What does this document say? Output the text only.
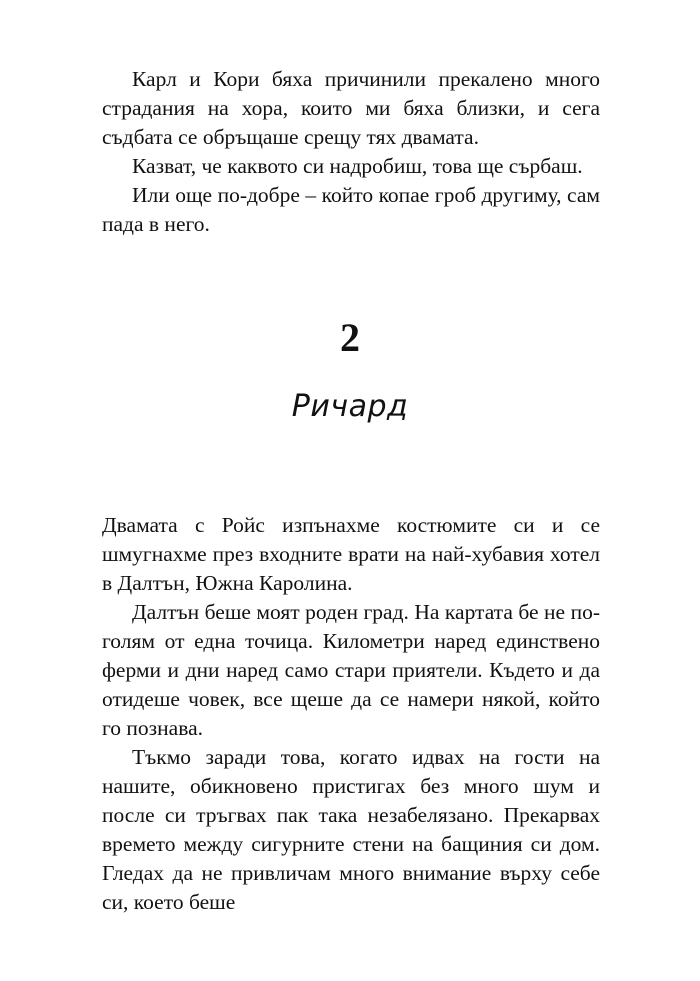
Карл и Кори бяха причинили прекалено много страдания на хора, които ми бяха близки, и сега съдбата се обръщаше срещу тях двамата.

Казват, че каквото си надробиш, това ще сърбаш.

Или още по-добре – който копае гроб другиму, сам пада в него.

2
Ричард

Двамата с Ройс изпънахме костюмите си и се шмугнахме през входните врати на най-хубавия хотел в Далтън, Южна Каролина.

Далтън беше моят роден град. На картата бе не по-голям от една точица. Километри наред единствено ферми и дни наред само стари приятели. Където и да отидеше човек, все щеше да се намери някой, който го познава.

Тъкмо заради това, когато идвах на гости на нашите, обикновено пристигах без много шум и после си тръгвах пак така незабелязано. Прекарвах времето между сигурните стени на бащиния си дом. Гледах да не привличам много внимание върху себе си, което беше
